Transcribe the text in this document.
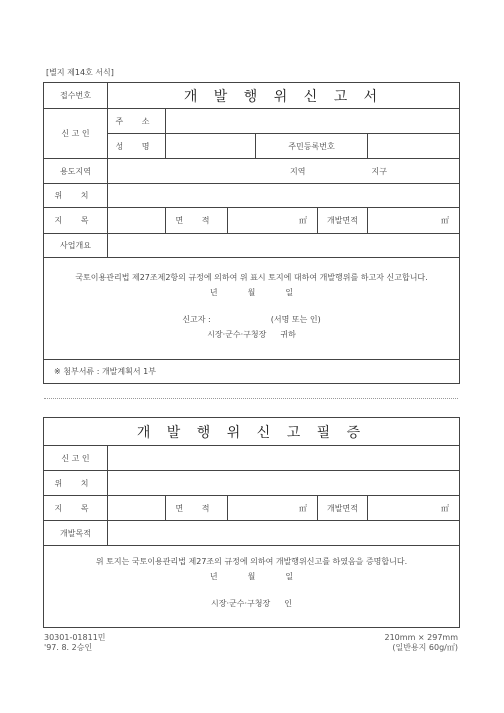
[별지 제14호 서식]
접수번호	개 발 행 위 신 고 서					
신 고 인	주 소					
	성 명			주민등록번호		
용도지역	지역 지구					
위 치						
지 목		면 적	㎡		개발면적	㎡
사업개요						

국토이용관리법 제27조제2항의 규정에 의하여 위 표시 토지에 대하여 개발행위를 하고자 신고합니다.
년 월 일
신고자 : (서명 또는 인)
시장·군수·구청장 귀하						

※ 첨부서류 : 개발계획서 1부						
개 발 행 위 신 고 필 증					
신 고 인					
위 치					
지 목		면 적	㎡	개발면적	㎡
개발목적					

위 토지는 국토이용관리법 제27조의 규정에 의하여 개발행위신고를 하였음을 증명합니다.
년 월 일
시장·군수·구청장 인					
30301-01811민
'97. 8. 2승인
210mm × 297mm
(일반용지 60g/㎡)
